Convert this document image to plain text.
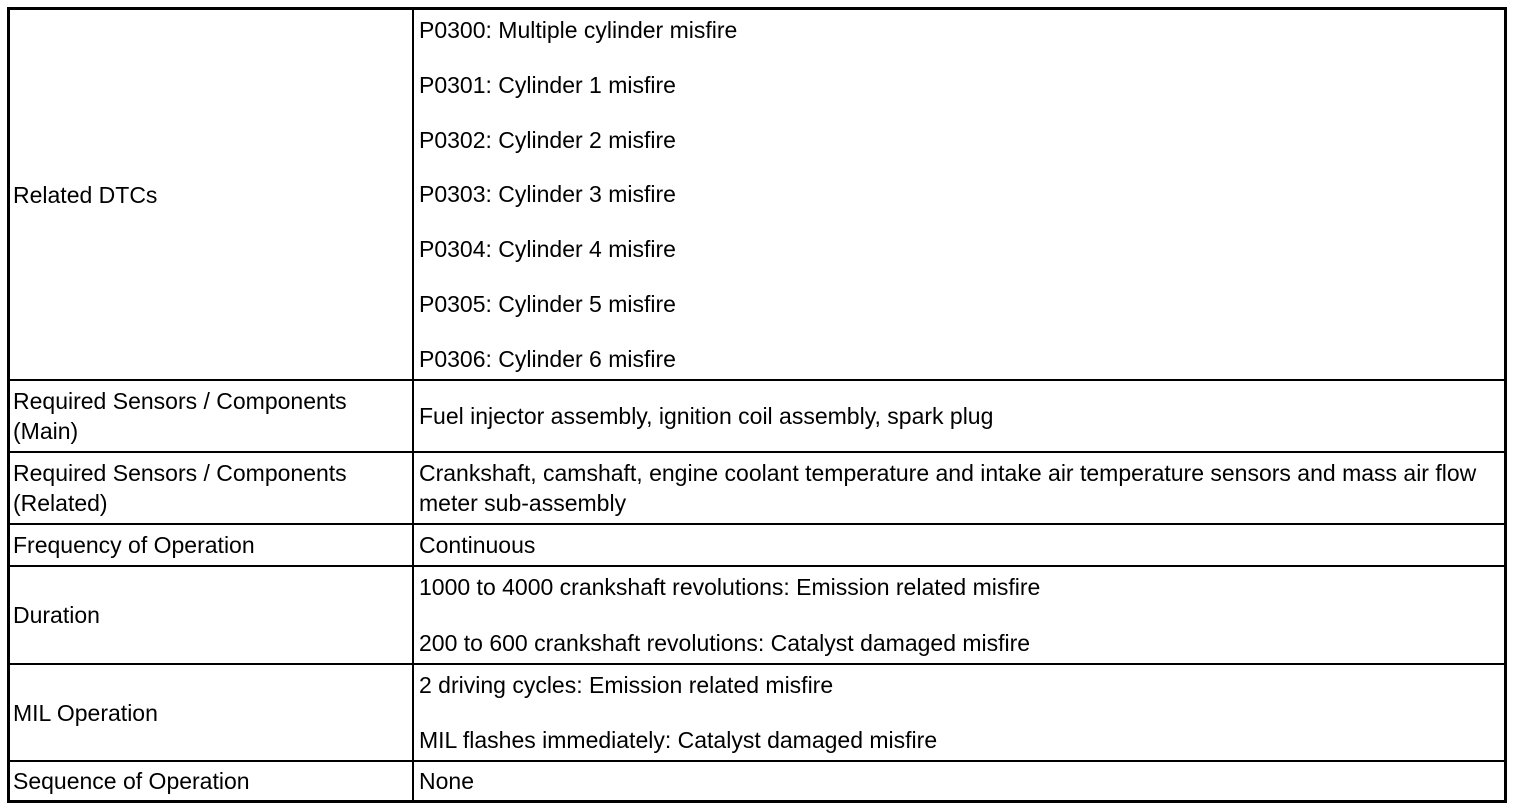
Related DTCs
P0300: Multiple cylinder misfire
P0301: Cylinder 1 misfire
P0302: Cylinder 2 misfire
P0303: Cylinder 3 misfire
P0304: Cylinder 4 misfire
P0305: Cylinder 5 misfire
P0306: Cylinder 6 misfire
Required Sensors / Components (Main)
Fuel injector assembly, ignition coil assembly, spark plug
Required Sensors / Components (Related)
Crankshaft, camshaft, engine coolant temperature and intake air temperature sensors and mass air flow meter sub-assembly
Frequency of Operation	Continuous
Duration
1000 to 4000 crankshaft revolutions: Emission related misfire
200 to 600 crankshaft revolutions: Catalyst damaged misfire
MIL Operation
2 driving cycles: Emission related misfire
MIL flashes immediately: Catalyst damaged misfire
Sequence of Operation	None
